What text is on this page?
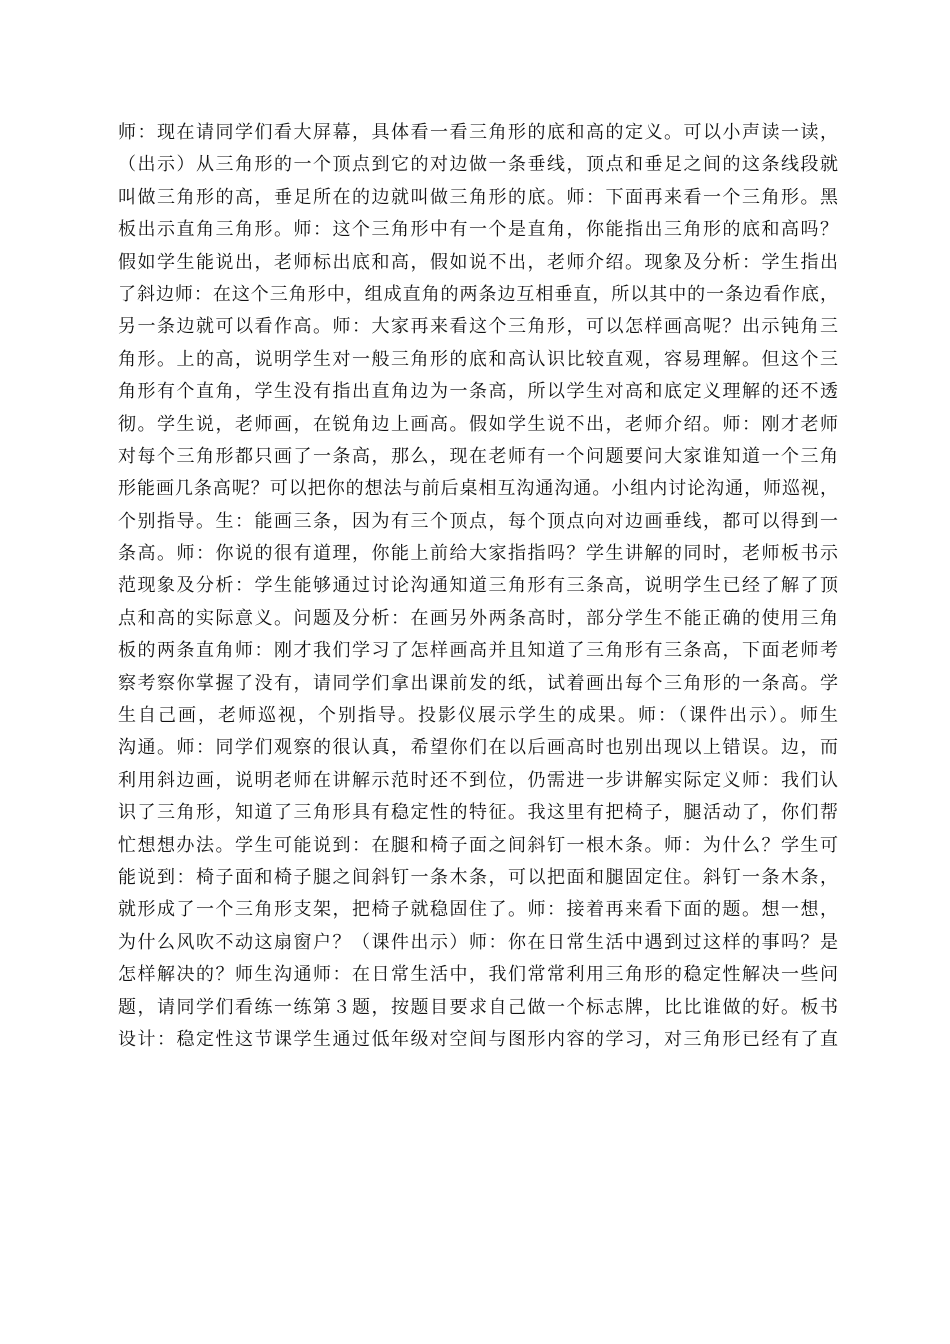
师：现在请同学们看大屏幕，具体看一看三角形的底和高的定义。可以小声读一读，
（出示）从三角形的一个顶点到它的对边做一条垂线，顶点和垂足之间的这条线段就
叫做三角形的高，垂足所在的边就叫做三角形的底。师：下面再来看一个三角形。黑
板出示直角三角形。师：这个三角形中有一个是直角，你能指出三角形的底和高吗？
假如学生能说出，老师标出底和高，假如说不出，老师介绍。现象及分析：学生指出
了斜边师：在这个三角形中，组成直角的两条边互相垂直，所以其中的一条边看作底，
另一条边就可以看作高。师：大家再来看这个三角形，可以怎样画高呢？出示钝角三
角形。上的高，说明学生对一般三角形的底和高认识比较直观，容易理解。但这个三
角形有个直角，学生没有指出直角边为一条高，所以学生对高和底定义理解的还不透
彻。学生说，老师画，在锐角边上画高。假如学生说不出，老师介绍。师：刚才老师
对每个三角形都只画了一条高，那么，现在老师有一个问题要问大家谁知道一个三角
形能画几条高呢？可以把你的想法与前后桌相互沟通沟通。小组内讨论沟通，师巡视，
个别指导。生：能画三条，因为有三个顶点，每个顶点向对边画垂线，都可以得到一
条高。师：你说的很有道理，你能上前给大家指指吗？学生讲解的同时，老师板书示
范现象及分析：学生能够通过讨论沟通知道三角形有三条高，说明学生已经了解了顶
点和高的实际意义。问题及分析：在画另外两条高时，部分学生不能正确的使用三角
板的两条直角师：刚才我们学习了怎样画高并且知道了三角形有三条高，下面老师考
察考察你掌握了没有，请同学们拿出课前发的纸，试着画出每个三角形的一条高。学
生自己画，老师巡视，个别指导。投影仪展示学生的成果。师：（课件出示）。师生
沟通。师：同学们观察的很认真，希望你们在以后画高时也别出现以上错误。边，而
利用斜边画，说明老师在讲解示范时还不到位，仍需进一步讲解实际定义师：我们认
识了三角形，知道了三角形具有稳定性的特征。我这里有把椅子，腿活动了，你们帮
忙想想办法。学生可能说到：在腿和椅子面之间斜钉一根木条。师：为什么？学生可
能说到：椅子面和椅子腿之间斜钉一条木条，可以把面和腿固定住。斜钉一条木条，
就形成了一个三角形支架，把椅子就稳固住了。师：接着再来看下面的题。想一想，
为什么风吹不动这扇窗户？（课件出示）师：你在日常生活中遇到过这样的事吗？是
怎样解决的？师生沟通师：在日常生活中，我们常常利用三角形的稳定性解决一些问
题，请同学们看练一练第３题，按题目要求自己做一个标志牌，比比谁做的好。板书
设计：稳定性这节课学生通过低年级对空间与图形内容的学习，对三角形已经有了直
